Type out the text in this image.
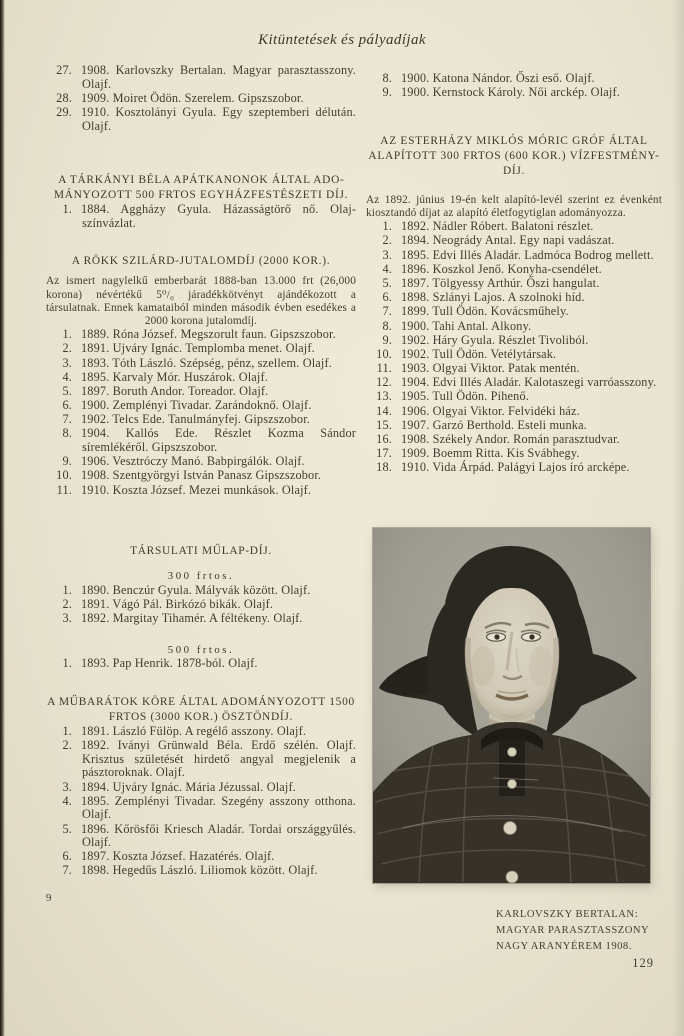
Kitüntetések és pályadíjak
27. 1908. Karlovszky Bertalan. Magyar parasztasszony. Olajf.
28. 1909. Moiret Ödön. Szerelem. Gipszszobor.
29. 1910. Kosztolányi Gyula. Egy szeptemberi délután. Olajf.
A TÁRKÁNYI BÉLA APÁTKANONOK ÁLTAL ADOMÁNYOZOTT 500 FRTOS EGYHÁZFESTÉSZETI DÍJ.
1. 1884. Aggházy Gyula. Házasságtörő nő. Olajszínvázlat.
A RÖKK SZILÁRD-JUTALOMDÍJ (2000 KOR.).

Az ismert nagylelkű emberbarát 1888-ban 13.000 frt (26,000 korona) névértékű 5⁰/₀ járadékkötvényt ajándékozott a társulatnak. Ennek kamataiból minden második évben esedékes a 2000 korona jutalomdíj.

1. 1889. Róna József. Megszorult faun. Gipszszobor.
2. 1891. Ujváry Ignác. Templomba menet. Olajf.
3. 1893. Tóth László. Szépség, pénz, szellem. Olajf.
4. 1895. Karvaly Mór. Huszárok. Olajf.
5. 1897. Boruth Andor. Toreador. Olajf.
6. 1900. Zemplényi Tivadar. Zarándoknő. Olajf.
7. 1902. Telcs Ede. Tanulmányfej. Gipszszobor.
8. 1904. Kallós Ede. Részlet Kozma Sándor síremlékéről. Gipszszobor.
9. 1906. Vesztróczy Manó. Babpirgálók. Olajf.
10. 1908. Szentgyörgyi István Panasz Gipszszobor.
11. 1910. Koszta József. Mezei munkások. Olajf.
TÁRSULATI MŰLAP-DÍJ.
300 frtos.
1. 1890. Benczúr Gyula. Mályvák között. Olajf.
2. 1891. Vágó Pál. Birkózó bikák. Olajf.
3. 1892. Margitay Tihamér. A féltékeny. Olajf.
500 frtos.
1. 1893. Pap Henrik. 1878-ból. Olajf.
A MŰBARÁTOK KÖRE ÁLTAL ADOMÁNYOZOTT 1500 FRTOS (3000 KOR.) ÖSZTÖNDÍJ.
1. 1891. László Fülöp. A regélő asszony. Olajf.
2. 1892. Iványi Grünwald Béla. Erdő szélén. Olajf. Krisztus születését hirdető angyal megjelenik a pásztoroknak. Olajf.
3. 1894. Ujváry Ignác. Mária Jézussal. Olajf.
4. 1895. Zemplényi Tivadar. Szegény asszony otthona. Olajf.
5. 1896. Kőrösfői Kriesch Aladár. Tordai országgyűlés. Olajf.
6. 1897. Koszta József. Hazatérés. Olajf.
7. 1898. Hegedűs László. Liliomok között. Olajf.
9
8. 1900. Katona Nándor. Őszi eső. Olajf.
9. 1900. Kernstock Károly. Női arckép. Olajf.
AZ ESTERHÁZY MIKLÓS MÓRIC GRÓF ÁLTAL ALAPÍTOTT 300 FRTOS (600 KOR.) VÍZFESTMÉNY-DÍJ.

Az 1892. június 19-én kelt alapító-levél szerint ez évenként kiosztandó díjat az alapító életfogytiglan adományozza.

1. 1892. Nádler Róbert. Balatoni részlet.
2. 1894. Neogrády Antal. Egy napi vadászat.
3. 1895. Edvi Illés Aladár. Ladmóca Bodrog mellett.
4. 1896. Koszkol Jenő. Konyha-csendélet.
5. 1897. Tölgyessy Arthúr. Őszi hangulat.
6. 1898. Szlányi Lajos. A szolnoki híd.
7. 1899. Tull Ödön. Kovácsműhely.
8. 1900. Tahi Antal. Alkony.
9. 1902. Háry Gyula. Részlet Tivoliból.
10. 1902. Tull Ödön. Vetélytársak.
11. 1903. Olgyai Viktor. Patak mentén.
12. 1904. Edvi Illés Aladár. Kalotaszegi varróasszony.
13. 1905. Tull Ödön. Pihenő.
14. 1906. Olgyai Viktor. Felvidéki ház.
15. 1907. Garzó Berthold. Esteli munka.
16. 1908. Székely Andor. Román parasztudvar.
17. 1909. Boemm Ritta. Kis Svábhegy.
18. 1910. Vida Árpád. Palágyi Lajos író arcképe.
KARLOVSZKY BERTALAN:
MAGYAR PARASZTASSZONY
NAGY ARANYÉREM 1908.
129
